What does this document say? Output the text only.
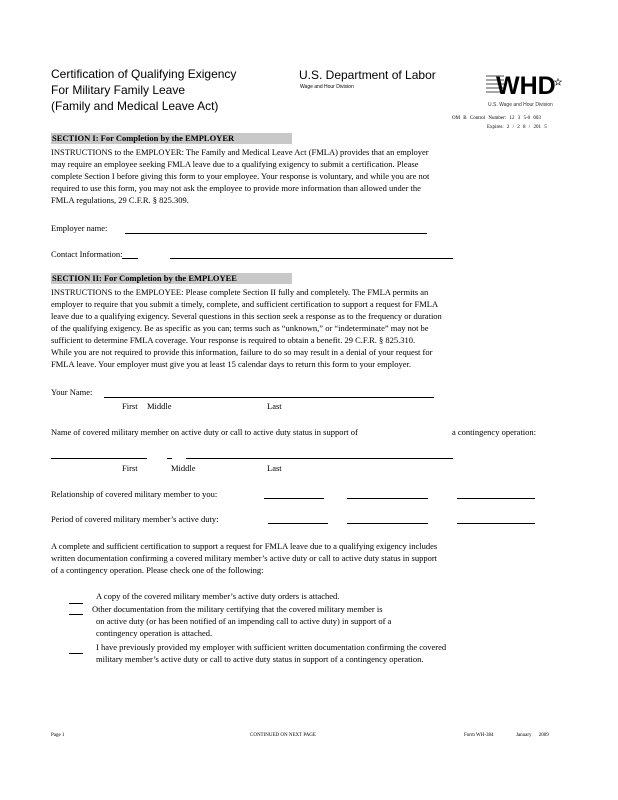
Certification of Qualifying Exigency
For Military Family Leave
(Family and Medical Leave Act)
U.S. Department of Labor
Wage and Hour Division	WHD
★
U.S. Wage and Hour Division
OM B Control Number: 12 3 5-0 003
Expires: 2 / 2 8 / 201 5
SECTION I: For Completion by the EMPLOYER
INSTRUCTIONS to the EMPLOYER: The Family and Medical Leave Act (FMLA) provides that an employer
may require an employee seeking FMLA leave due to a qualifying exigency to submit a certification. Please
complete Section I before giving this form to your employee. Your response is voluntary, and while you are not
required to use this form, you may not ask the employee to provide more information than allowed under the
FMLA regulations, 29 C.F.R. § 825.309.
Employer name:
Contact Information:
SECTION II: For Completion by the EMPLOYEE
INSTRUCTIONS to the EMPLOYEE: Please complete Section II fully and completely. The FMLA permits an
employer to require that you submit a timely, complete, and sufficient certification to support a request for FMLA
leave due to a qualifying exigency. Several questions in this section seek a response as to the frequency or duration
of the qualifying exigency. Be as specific as you can; terms such as “unknown,” or “indeterminate” may not be
sufficient to determine FMLA coverage. Your response is required to obtain a benefit. 29 C.F.R. § 825.310.
While you are not required to provide this information, failure to do so may result in a denial of your request for
FMLA leave. Your employer must give you at least 15 calendar days to return this form to your employer.
Your Name:
First Middle	Last
Name of covered military member on active duty or call to active duty status in support of	a contingency operation:
First	Middle	Last
Relationship of covered military member to you:
Period of covered military member’s active duty:
A complete and sufficient certification to support a request for FMLA leave due to a qualifying exigency includes
written documentation confirming a covered military member’s active duty or call to active duty status in support
of a contingency operation. Please check one of the following:
A copy of the covered military member’s active duty orders is attached.
Other documentation from the military certifying that the covered military member is
on active duty (or has been notified of an impending call to active duty) in support of a
contingency operation is attached.
I have previously provided my employer with sufficient written documentation confirming the covered
military member’s active duty or call to active duty status in support of a contingency operation.
Page 1	CONTINUED ON NEXT PAGE	Form WH-384	January 2009
